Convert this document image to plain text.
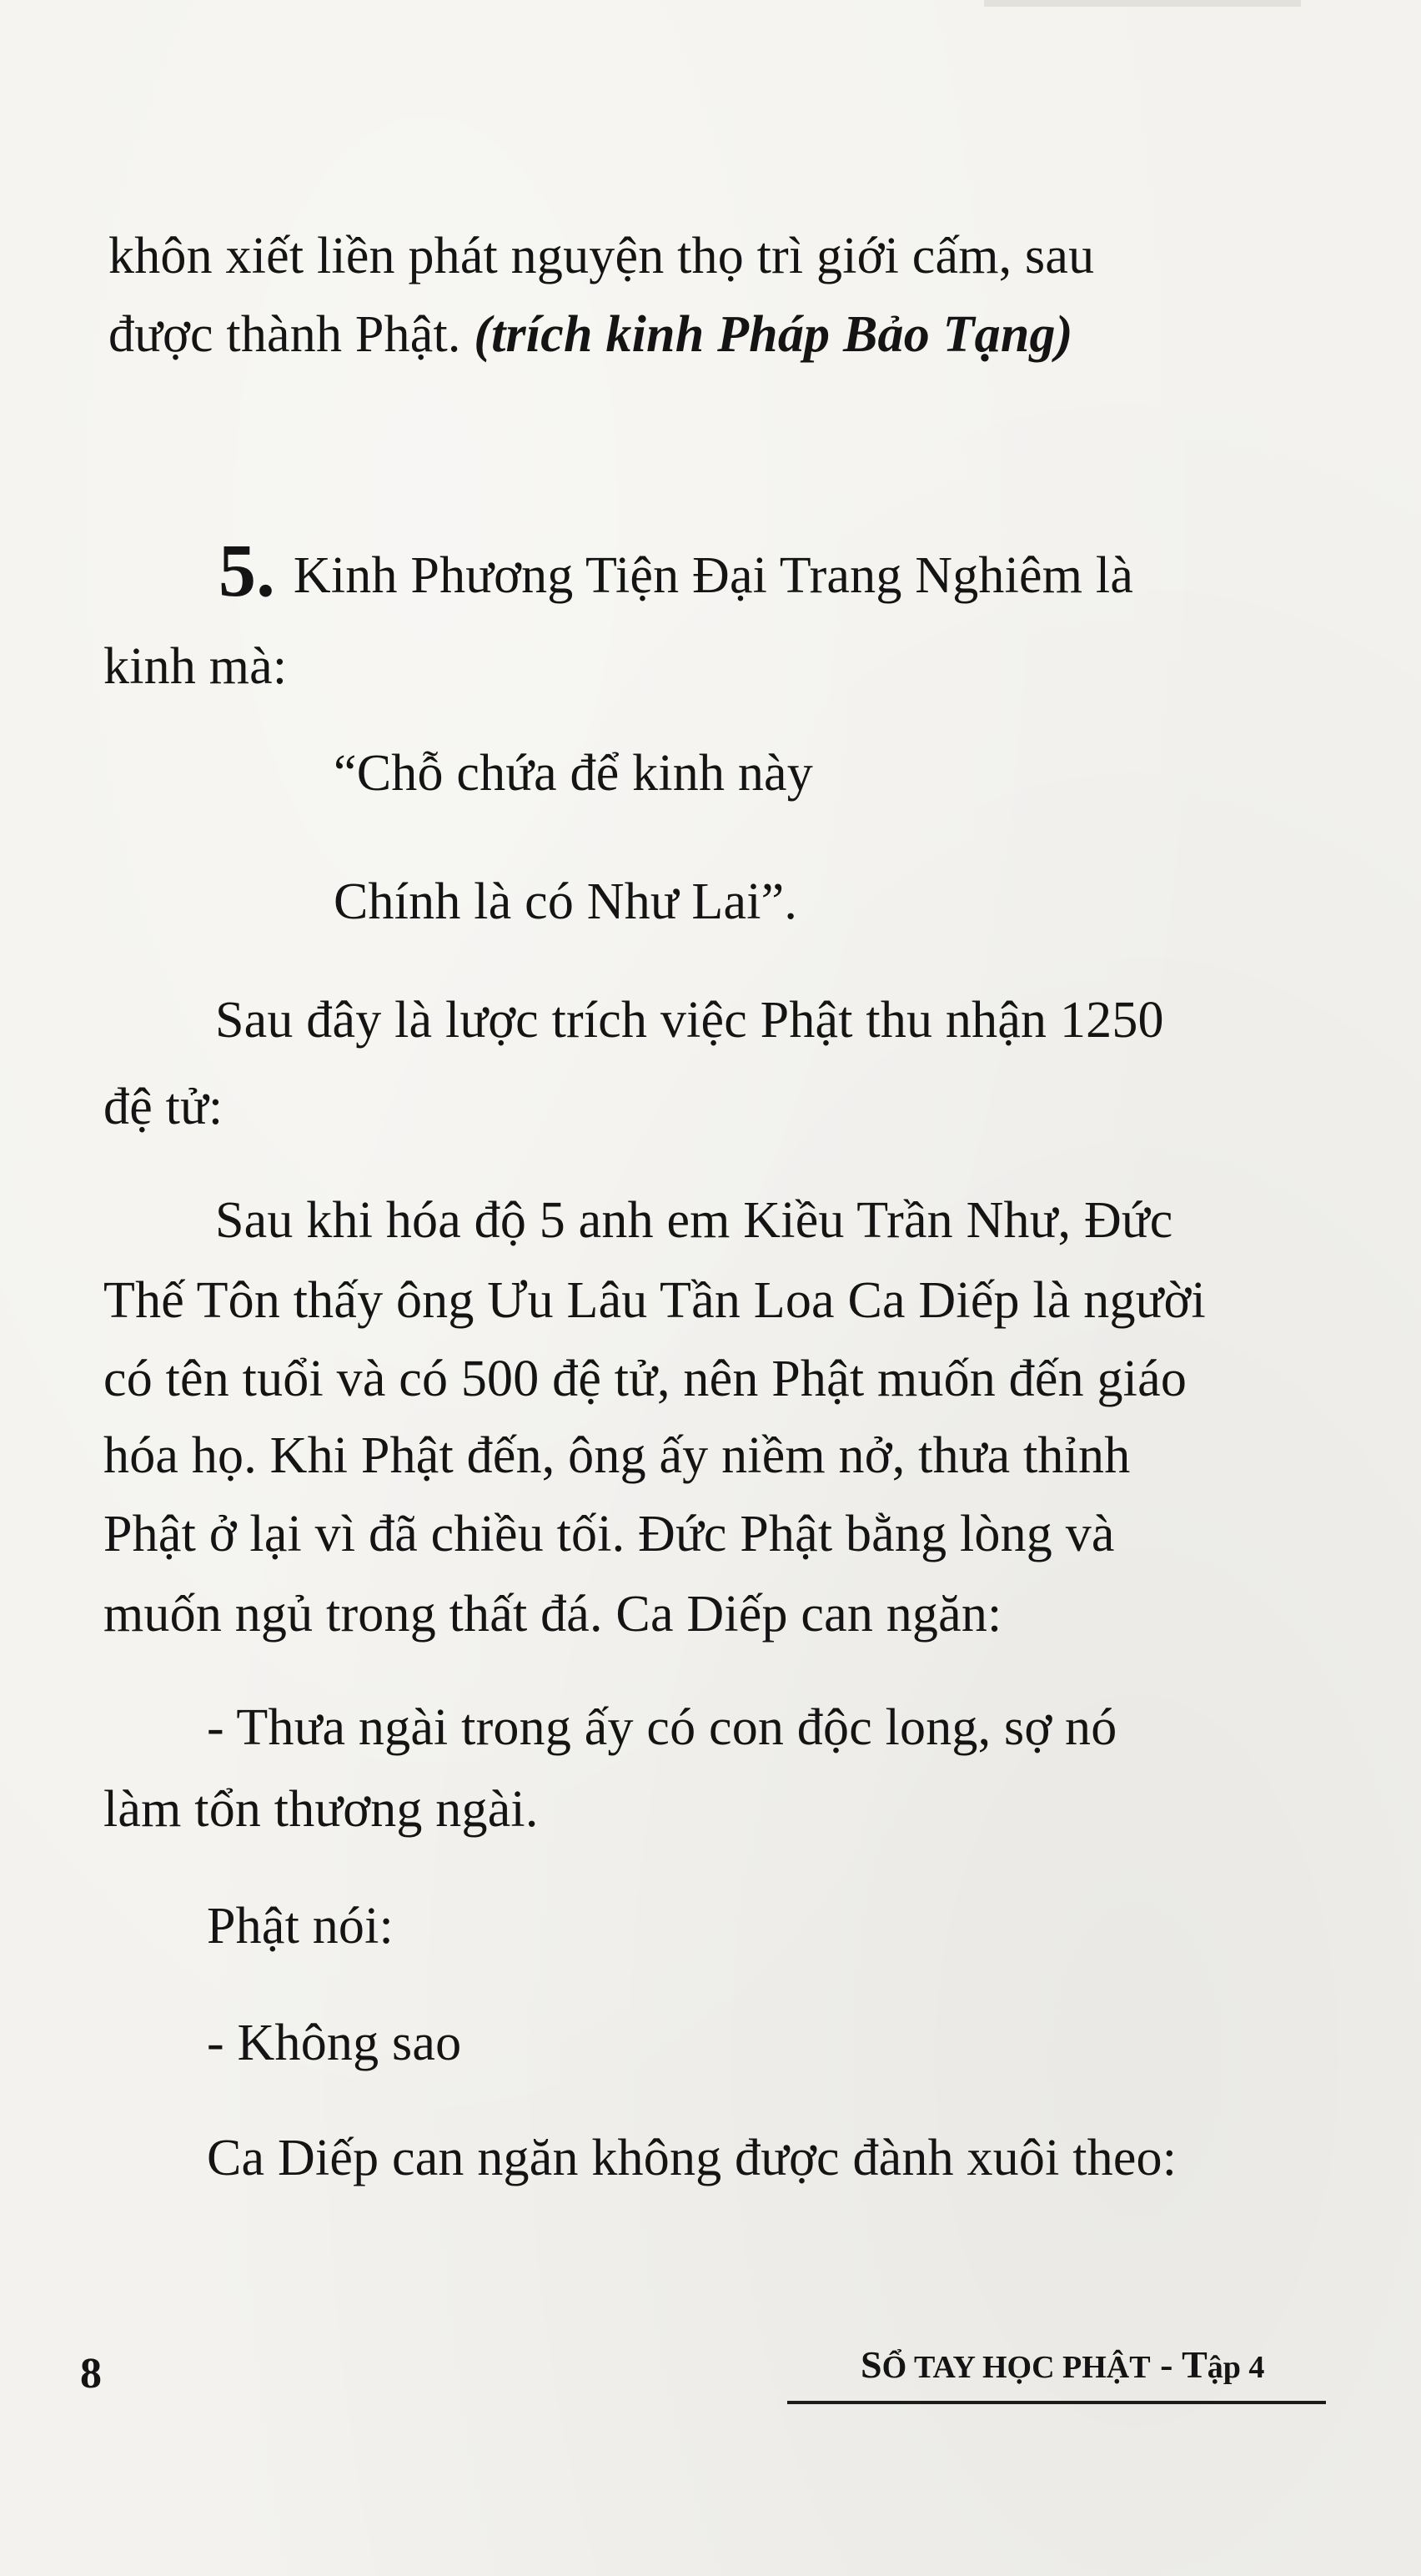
khôn xiết liền phát nguyện thọ trì giới cấm, sau
được thành Phật. (trích kinh Pháp Bảo Tạng)
5. Kinh Phương Tiện Đại Trang Nghiêm là
kinh mà:
“Chỗ chứa để kinh này
Chính là có Như Lai”.
Sau đây là lược trích việc Phật thu nhận 1250
đệ tử:
Sau khi hóa độ 5 anh em Kiều Trần Như, Đức
Thế Tôn thấy ông Ưu Lâu Tần Loa Ca Diếp là người
có tên tuổi và có 500 đệ tử, nên Phật muốn đến giáo
hóa họ. Khi Phật đến, ông ấy niềm nở, thưa thỉnh
Phật ở lại vì đã chiều tối. Đức Phật bằng lòng và
muốn ngủ trong thất đá. Ca Diếp can ngăn:
- Thưa ngài trong ấy có con độc long, sợ nó
làm tổn thương ngài.
Phật nói:
- Không sao
Ca Diếp can ngăn không được đành xuôi theo:
8	SỔ TAY HỌC PHẬT - Tập 4
